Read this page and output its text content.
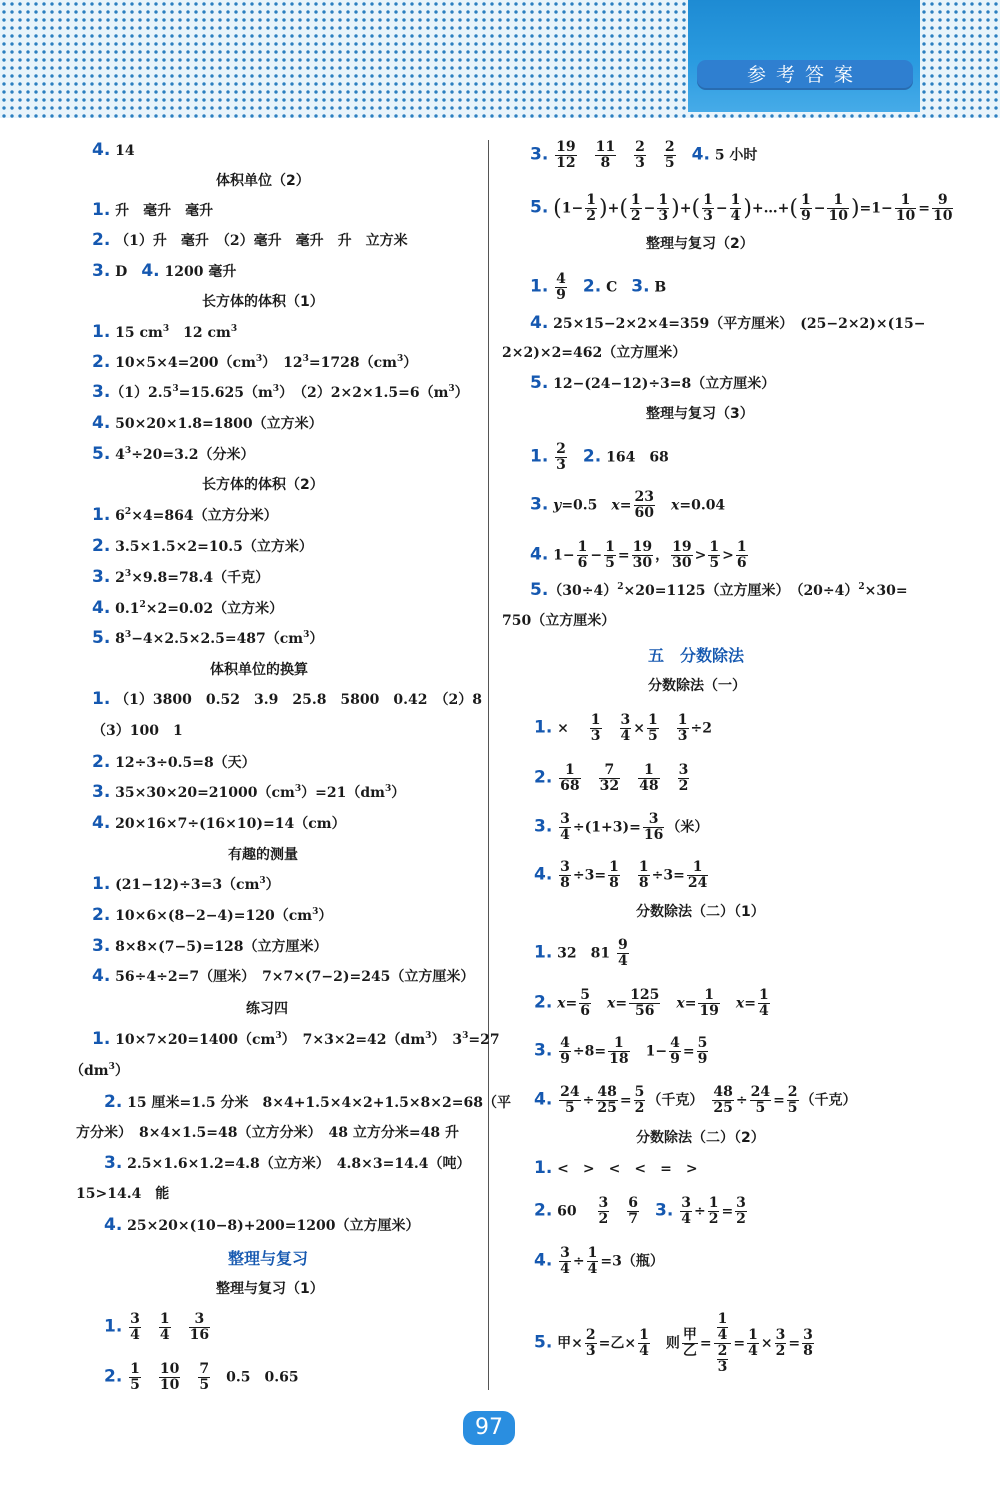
参考答案
4. 14
体积单位（2）
1. 升　毫升　毫升
2. （1）升　毫升　（2）毫升　毫升　升　立方米
3. D　 4. 1200 毫升
长方体的体积（1）
1. 15 $cm^3$　12 $cm^3$
2. $10\times 5\times 4=200(cm^3)$　$12^3=1728(cm^3)$
$3.(1)2.5^3=15.625(m^3)$　$(2)2\times 2\times 1.5=6(m^3)$
4. 50×20×1.8=1800（立方米）
5. $4^3\div 20=3.2$（分米）
长方体的体积（2）
1. $6^2\times 4=864$（立方分米）
2. 3.5×1.5×2=10.5（立方米）
3. $2^3\times 9.8=78.4$（千克）
4. $0.1^2\times 2=0.02$（立方米）
5. $8^3-4\times 2.5\times 2.5=487(cm^3)$
体积单位的换算
1. （1）3800　0.52　3.9　25.8　5800　0.42　（2）8
（3）100　1
2. 12÷3÷0.5=8（天）
3. $35\times 30\times 20=21000(cm^3)=21(dm^3)$
4. 20×16×7÷(16×10)=14（cm）
有趣的测量
1. $(21-12)\div 3=3(cm^3)$
2. $10\times 6\times(8-2-4)=120(cm^3)$
3. 8×8×(7−5)=128（立方厘米）
4. 56÷4÷2=7（厘米）　7×7×(7−2)=245（立方厘米）
练习四
1. $10\times 7\times 20=1400(cm^3)$　$7\times 3\times 2=42(dm^3)$　$3^3=27$
$(dm^3)$
2. 15 厘米=1.5 分米　8×4+1.5×4×2+1.5×8×2=68（平
方分米）　8×4×1.5=48（立方分米）　48 立方分米=48 升
3. 2.5×1.6×1.2=4.8（立方米）　4.8×3=14.4（吨）
15>14.4　能
4. 25×20×(10−8)+200=1200（立方厘米）
整理与复习
整理与复习（1）
1. $\frac{3}{4}$
　 $\frac{1}{4}$
　 $\frac{3}{16}$
2. $\frac{1}{5}$
　 $\frac{10}{10}$
　 $\frac{7}{5}$
　 0.5　0.65
3. $\frac{19}{12}$
　 $\frac{11}{8}$
　 $\frac{2}{3}$
　 $\frac{2}{5}$
　 4. 5 小时
5. ($1- \frac{1}{2}$ )+( $\frac{1}{2} - \frac{1}{3}$ )+( $\frac{1}{3} - \frac{1}{4}$ )+…+( $\frac{1}{9} - \frac{1}{10} )=1- \frac{1}{10} = \frac{9}{10}$
整理与复习（2）
1. $\frac{4}{9}$
　 2. C　 3. B
4. 25×15−2×2×4=359（平方厘米）　(25−2×2)×(15−
2×2)×2=462（立方厘米）
5. 12−(24−12)÷3=8（立方厘米）
整理与复习（3）
1. $\frac{2}{3}$
　 2. 164　68
3. y=0.5　$x= \frac{23}{60}$
　 x=0.04
4. $1- \frac{1}{6} - \frac{1}{5} = \frac{19}{30}$ ， $\frac{19}{30} > \frac{1}{5} > \frac{1}{6}$
$5.(30\div 4)^2\times 20=1125$（立方厘米）　$(20\div 4)^2\times 30=$
750（立方厘米）
五　分数除法
分数除法（一）
1. ×　 $\frac{1}{3}$
　 $\frac{3}{4} \times \frac{1}{5}$
　 $\frac{1}{3} \div 2$
2. $\frac{1}{68}$
　 $\frac{7}{32}$
　 $\frac{1}{48}$
　 $\frac{3}{2}$
3. $\frac{3}{4} \div(1+3)= \frac{3}{16}$ （米）
4. $\frac{3}{8} \div 3= \frac{1}{8}$
　 $\frac{1}{8} \div 3= \frac{1}{24}$
分数除法（二）（1）
1. 32　$81 \frac{9}{4}$
2. $x= \frac{5}{6}$
　 $x= \frac{125}{56}$
　 $x= \frac{1}{19}$
　 $x= \frac{1}{4}$
3. $\frac{4}{9} \div 8= \frac{1}{18}$ 　$1- \frac{4}{9} = \frac{5}{9}$
4. $\frac{24}{5} \div \frac{48}{25} = \frac{5}{2}$ （千克）　 $\frac{48}{25} \div \frac{24}{5} = \frac{2}{5}$ （千克）
分数除法（二）（2）
1. <　>　<　<　=　>
2. 60　 $\frac{3}{2}$
　 $\frac{6}{7}$
　 3. $\frac{3}{4} \div \frac{1}{2} = \frac{3}{2}$
4. $\frac{3}{4} \div \frac{1}{4} =3$（瓶）
5. 甲× $\frac{2}{3}$ =乙× $\frac{1}{4}$ 　则
甲
乙 = $\frac{\frac{1}{4}}{\frac{2}{3}} = \frac{1}{4} \times \frac{3}{2} = \frac{3}{8}$
97
